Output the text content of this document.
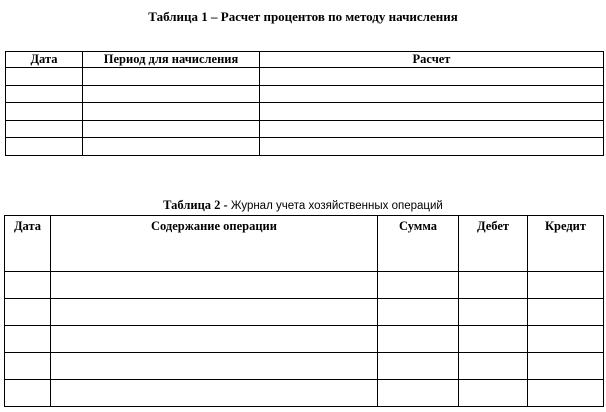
Таблица 1 – Расчет процентов по методу начисления
Дата	Период для начисления	Расчет

Таблица 2 - Журнал учета хозяйственных операций
Дата	Содержание операции	Сумма	Дебет	Кредит
